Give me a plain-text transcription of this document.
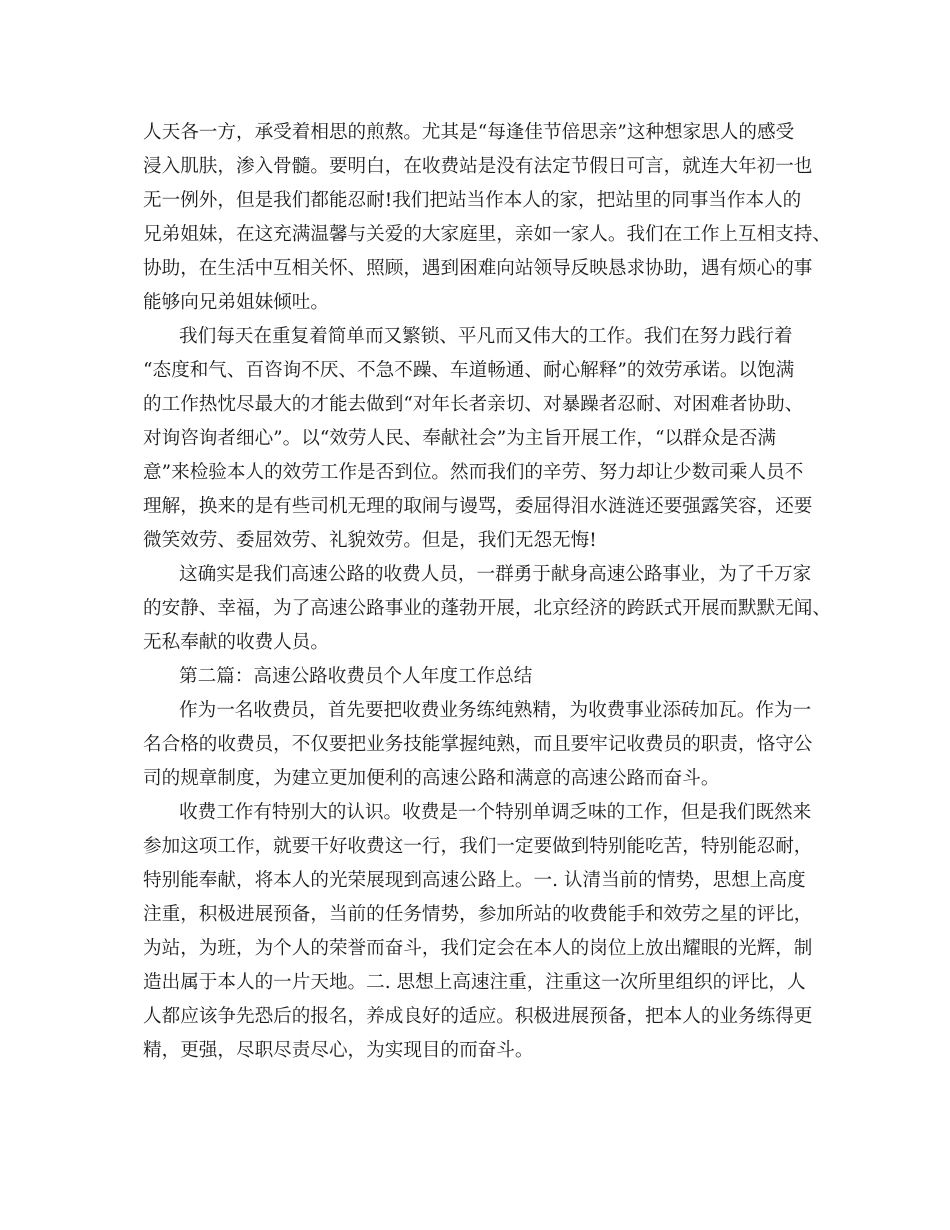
人天各一方，承受着相思的煎熬。尤其是“每逢佳节倍思亲”这种想家思人的感受
浸入肌肤，渗入骨髓。要明白，在收费站是没有法定节假日可言，就连大年初一也
无一例外，但是我们都能忍耐!我们把站当作本人的家，把站里的同事当作本人的
兄弟姐妹，在这充满温馨与关爱的大家庭里，亲如一家人。我们在工作上互相支持、
协助，在生活中互相关怀、照顾，遇到困难向站领导反映恳求协助，遇有烦心的事
能够向兄弟姐妹倾吐。
我们每天在重复着简单而又繁锁、平凡而又伟大的工作。我们在努力践行着
“态度和气、百咨询不厌、不急不躁、车道畅通、耐心解释”的效劳承诺。以饱满
的工作热忱尽最大的才能去做到“对年长者亲切、对暴躁者忍耐、对困难者协助、
对询咨询者细心”。以“效劳人民、奉献社会”为主旨开展工作，“以群众是否满
意”来检验本人的效劳工作是否到位。然而我们的辛劳、努力却让少数司乘人员不
理解，换来的是有些司机无理的取闹与谩骂，委屈得泪水涟涟还要强露笑容，还要
微笑效劳、委屈效劳、礼貌效劳。但是，我们无怨无悔!
这确实是我们高速公路的收费人员，一群勇于献身高速公路事业，为了千万家
的安静、幸福，为了高速公路事业的蓬勃开展，北京经济的跨跃式开展而默默无闻、
无私奉献的收费人员。
第二篇：高速公路收费员个人年度工作总结
作为一名收费员，首先要把收费业务练纯熟精，为收费事业添砖加瓦。作为一
名合格的收费员，不仅要把业务技能掌握纯熟，而且要牢记收费员的职责，恪守公
司的规章制度，为建立更加便利的高速公路和满意的高速公路而奋斗。
收费工作有特别大的认识。收费是一个特别单调乏味的工作，但是我们既然来
参加这项工作，就要干好收费这一行，我们一定要做到特别能吃苦，特别能忍耐，
特别能奉献，将本人的光荣展现到高速公路上。一. 认清当前的情势，思想上高度
注重，积极进展预备，当前的任务情势，参加所站的收费能手和效劳之星的评比，
为站，为班，为个人的荣誉而奋斗，我们定会在本人的岗位上放出耀眼的光辉，制
造出属于本人的一片天地。二. 思想上高速注重，注重这一次所里组织的评比，人
人都应该争先恐后的报名，养成良好的适应。积极进展预备，把本人的业务练得更
精，更强，尽职尽责尽心，为实现目的而奋斗。
